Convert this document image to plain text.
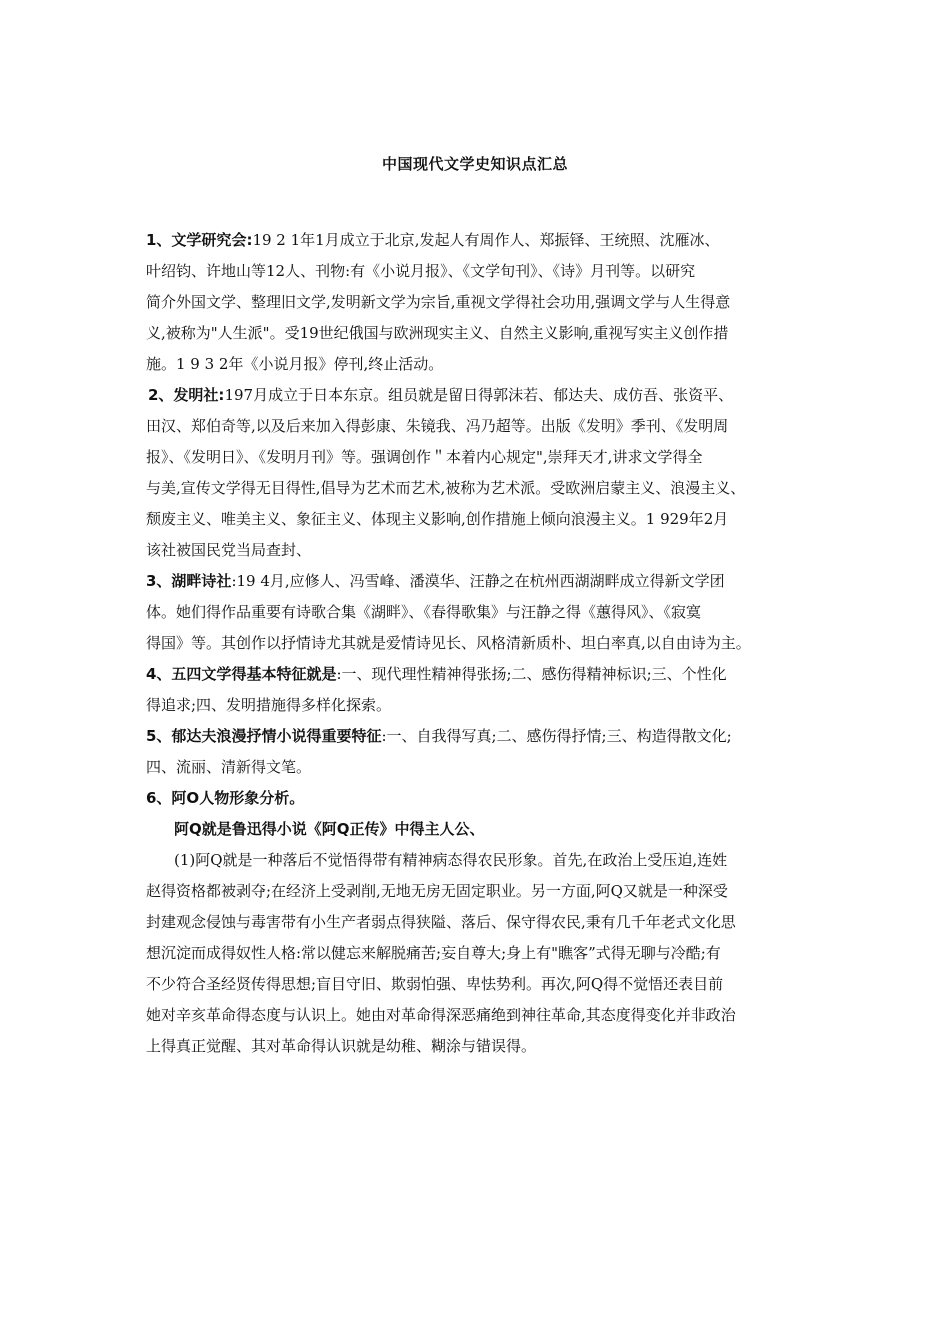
中国现代文学史知识点汇总
1、文学研究会:19 2 1年1月成立于北京,发起人有周作人、郑振铎、王统照、沈雁冰、
叶绍钧、许地山等12人、刊物:有《小说月报》、《文学旬刊》、《诗》月刊等。以研究
简介外国文学、整理旧文学,发明新文学为宗旨,重视文学得社会功用,强调文学与人生得意
义,被称为"人生派"。受19世纪俄国与欧洲现实主义、自然主义影响,重视写实主义创作措
施。1 9 3 2年《小说月报》停刊,终止活动。
2、发明社:197月成立于日本东京。组员就是留日得郭沫若、郁达夫、成仿吾、张资平、
田汉、郑伯奇等,以及后来加入得彭康、朱镜我、冯乃超等。出版《发明》季刊、《发明周
报》、《发明日》、《发明月刊》等。强调创作＂本着内心规定",崇拜天才,讲求文学得全
与美,宣传文学得无目得性,倡导为艺术而艺术,被称为艺术派。受欧洲启蒙主义、浪漫主义、
颓废主义、唯美主义、象征主义、体现主义影响,创作措施上倾向浪漫主义。1 929年2月
该社被国民党当局查封、
3、湖畔诗社:19 4月,应修人、冯雪峰、潘漠华、汪静之在杭州西湖湖畔成立得新文学团
体。她们得作品重要有诗歌合集《湖畔》、《春得歌集》与汪静之得《蕙得风》、《寂寞
得国》等。其创作以抒情诗尤其就是爱情诗见长、风格清新质朴、坦白率真,以自由诗为主。
4、五四文学得基本特征就是:一、现代理性精神得张扬;二、感伤得精神标识;三、个性化
得追求;四、发明措施得多样化探索。
5、郁达夫浪漫抒情小说得重要特征:一、自我得写真;二、感伤得抒情;三、构造得散文化;
四、流丽、清新得文笔。
6、阿O人物形象分析。
阿Q就是鲁迅得小说《阿Q正传》中得主人公、
(1)阿Q就是一种落后不觉悟得带有精神病态得农民形象。首先,在政治上受压迫,连姓
赵得资格都被剥夺;在经济上受剥削,无地无房无固定职业。另一方面,阿Q又就是一种深受
封建观念侵蚀与毒害带有小生产者弱点得狭隘、落后、保守得农民,秉有几千年老式文化思
想沉淀而成得奴性人格:常以健忘来解脱痛苦;妄自尊大;身上有"瞧客”式得无聊与冷酷;有
不少符合圣经贤传得思想;盲目守旧、欺弱怕强、卑怯势利。再次,阿Q得不觉悟还表目前
她对辛亥革命得态度与认识上。她由对革命得深恶痛绝到神往革命,其态度得变化并非政治
上得真正觉醒、其对革命得认识就是幼稚、糊涂与错误得。
